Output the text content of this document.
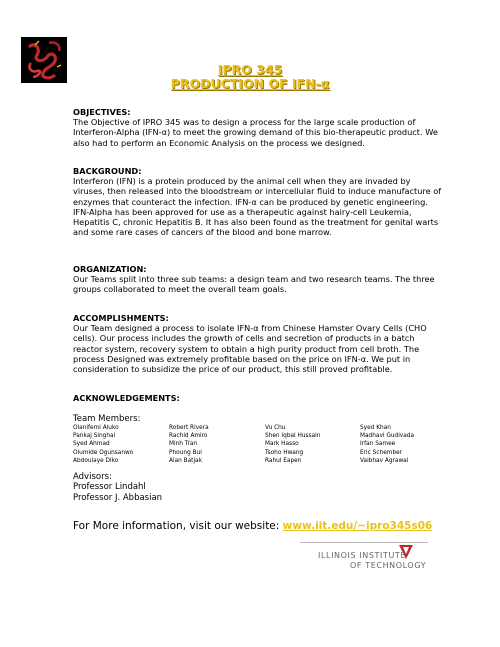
IPRO 345
PRODUCTION OF IFN-α
OBJECTIVES:

The Objective of IPRO 345 was to design a process for the large scale production of Interferon-Alpha (IFN-α) to meet the growing demand of this bio-therapeutic product. We also had to perform an Economic Analysis on the process we designed.

BACKGROUND:

Interferon (IFN) is a protein produced by the animal cell when they are invaded by viruses, then released into the bloodstream or intercellular fluid to induce manufacture of enzymes that counteract the infection. IFN-α can be produced by genetic engineering. IFN-Alpha has been approved for use as a therapeutic against hairy-cell Leukemia, Hepatitis C, chronic Hepatitis B. It has also been found as the treatment for genital warts and some rare cases of cancers of the blood and bone marrow.

ORGANIZATION:

Our Teams split into three sub teams: a design team and two research teams. The three groups collaborated to meet the overall team goals.

ACCOMPLISHMENTS:

Our Team designed a process to isolate IFN-α from Chinese Hamster Ovary Cells (CHO cells). Our process includes the growth of cells and secretion of products in a batch reactor system, recovery system to obtain a high purity product from cell broth. The process Designed was extremely profitable based on the price on IFN-α. We put in consideration to subsidize the price of our product, this still proved profitable.

ACKNOWLEDGEMENTS:
Team Members:
Olanifemi Aluko
Pankaj Singhal
Syed Ahmad
Olumide Ogunsanwo
Abdoulaye Diko
Robert Rivera
Rachid Amiro
Minh Tran
Phoung Bui
Alan Batjak
Vu Chu
Shen Iqbal Hussain
Mark Hasso
Tsoho Hwang
Rahul Eapen
Syed Khan
Madhavi Gudivada
Irfan Samee
Eric Schember
Vaibhav Agrawal
Advisors:
Professor Lindahl
Professor J. Abbasian
For More information, visit our website: www.iit.edu/~ipro345s06
ILLINOIS INSTITUTE
OF TECHNOLOGY
